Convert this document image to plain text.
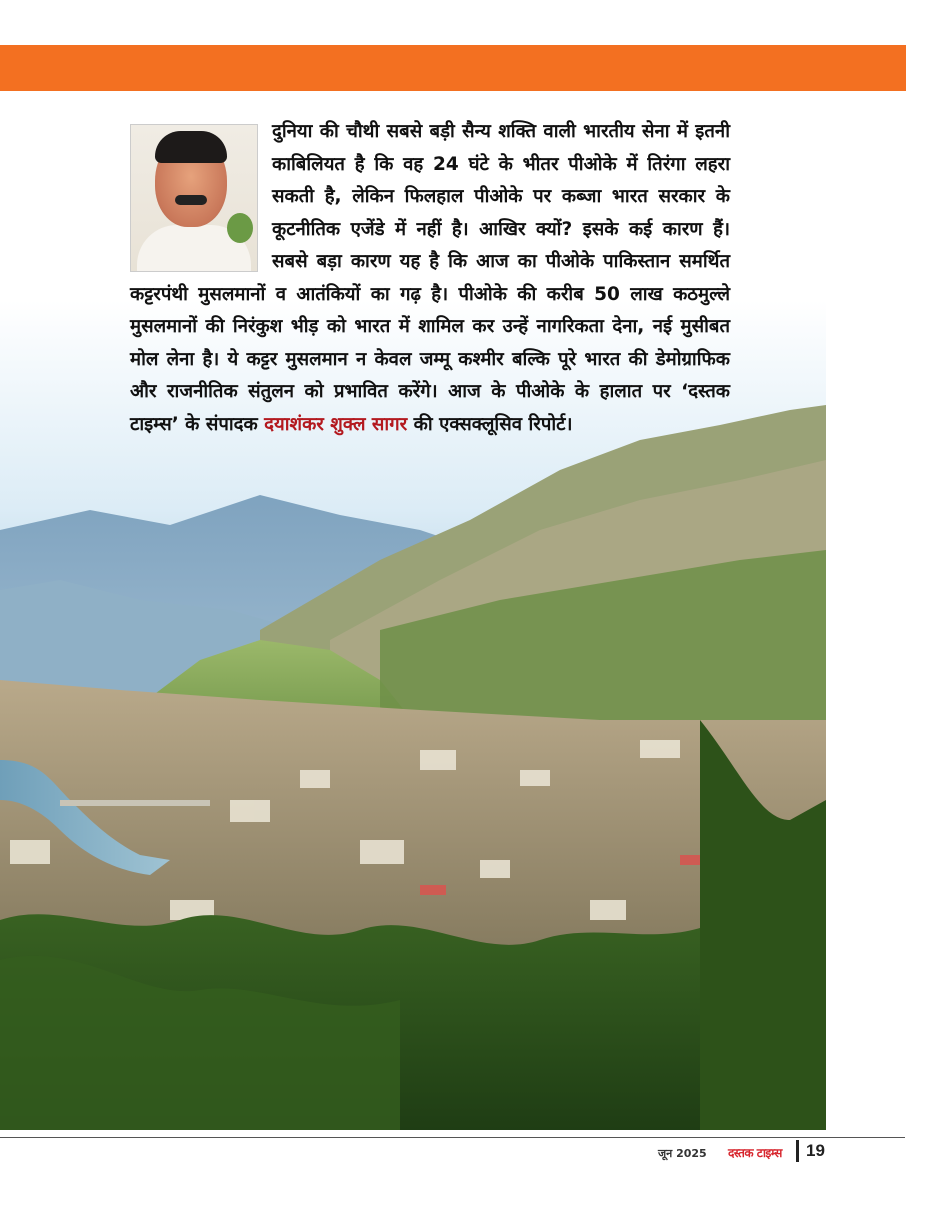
दुनिया की चौथी सबसे बड़ी सैन्य शक्ति वाली भारतीय सेना में इतनी काबिलियत है कि वह 24 घंटे के भीतर पीओके में तिरंगा लहरा सकती है, लेकिन फिलहाल पीओके पर कब्जा भारत सरकार के कूटनीतिक एजेंडे में नहीं है। आखिर क्यों? इसके कई कारण हैं। सबसे बड़ा कारण यह है कि आज का पीओके पाकिस्तान समर्थित कट्टरपंथी मुसलमानों व आतंकियों का गढ़ है। पीओके की करीब 50 लाख कठमुल्ले मुसलमानों की निरंकुश भीड़ को भारत में शामिल कर उन्हें नागरिकता देना, नई मुसीबत मोल लेना है। ये कट्टर मुसलमान न केवल जम्मू कश्मीर बल्कि पूरे भारत की डेमोग्राफिक और राजनीतिक संतुलन को प्रभावित करेंगे। आज के पीओके के हालात पर ‘दस्तक टाइम्स’ के संपादक दयाशंकर शुक्ल सागर की एक्सक्लूसिव रिपोर्ट।
जून 2025 दस्तक टाइम्स 19
